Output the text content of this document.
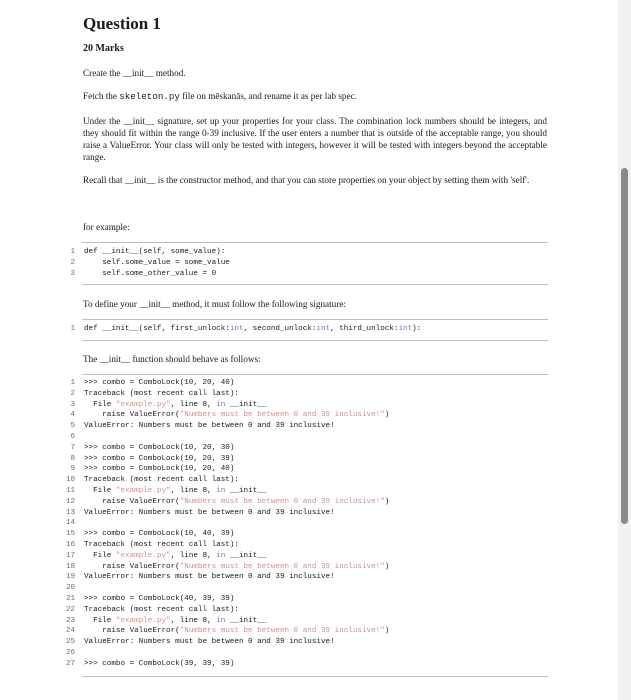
Question 1
20 Marks

Create the __init__ method.

Fetch the skeleton.py file on mēskanās, and rename it as per lab spec.

Under the __init__ signature, set up your properties for your class. The combination lock numbers should be integers, and they should fit within the range 0-39 inclusive. If the user enters a number that is outside of the acceptable range, you should raise a ValueError. Your class will only be tested with integers, however it will be tested with integers beyond the acceptable range.

Recall that __init__ is the constructor method, and that you can store properties on your object by setting them with 'self'.

for example:

1 def __init__(self, some_value):
2 self.some_value = some_value
3 self.some_other_value = 0

To define your __init__ method, it must follow the following signature:

1 def __init__(self, first_unlock:int, second_unlock:int, third_unlock:int):

The __init__ function should behave as follows:

1 >>> combo = ComboLock(10, 20, 40)
2 Traceback (most recent call last):
3 File "example.py", line 8, in __init__
4 raise ValueError("Numbers must be between 0 and 39 inclusive!")
5 ValueError: Numbers must be between 0 and 39 inclusive!
6
7 >>> combo = ComboLock(10, 20, 30)
8 >>> combo = ComboLock(10, 20, 39)
9 >>> combo = ComboLock(10, 20, 40)
10 Traceback (most recent call last):
11 File "example.py", line 8, in __init__
12 raise ValueError("Numbers must be between 0 and 39 inclusive!")
13 ValueError: Numbers must be between 0 and 39 inclusive!
14
15 >>> combo = ComboLock(10, 40, 39)
16 Traceback (most recent call last):
17 File "example.py", line 8, in __init__
18 raise ValueError("Numbers must be between 0 and 39 inclusive!")
19 ValueError: Numbers must be between 0 and 39 inclusive!
20
21 >>> combo = ComboLock(40, 39, 39)
22 Traceback (most recent call last):
23 File "example.py", line 8, in __init__
24 raise ValueError("Numbers must be between 0 and 39 inclusive!")
25 ValueError: Numbers must be between 0 and 39 inclusive!
26
27 >>> combo = ComboLock(39, 39, 39)
